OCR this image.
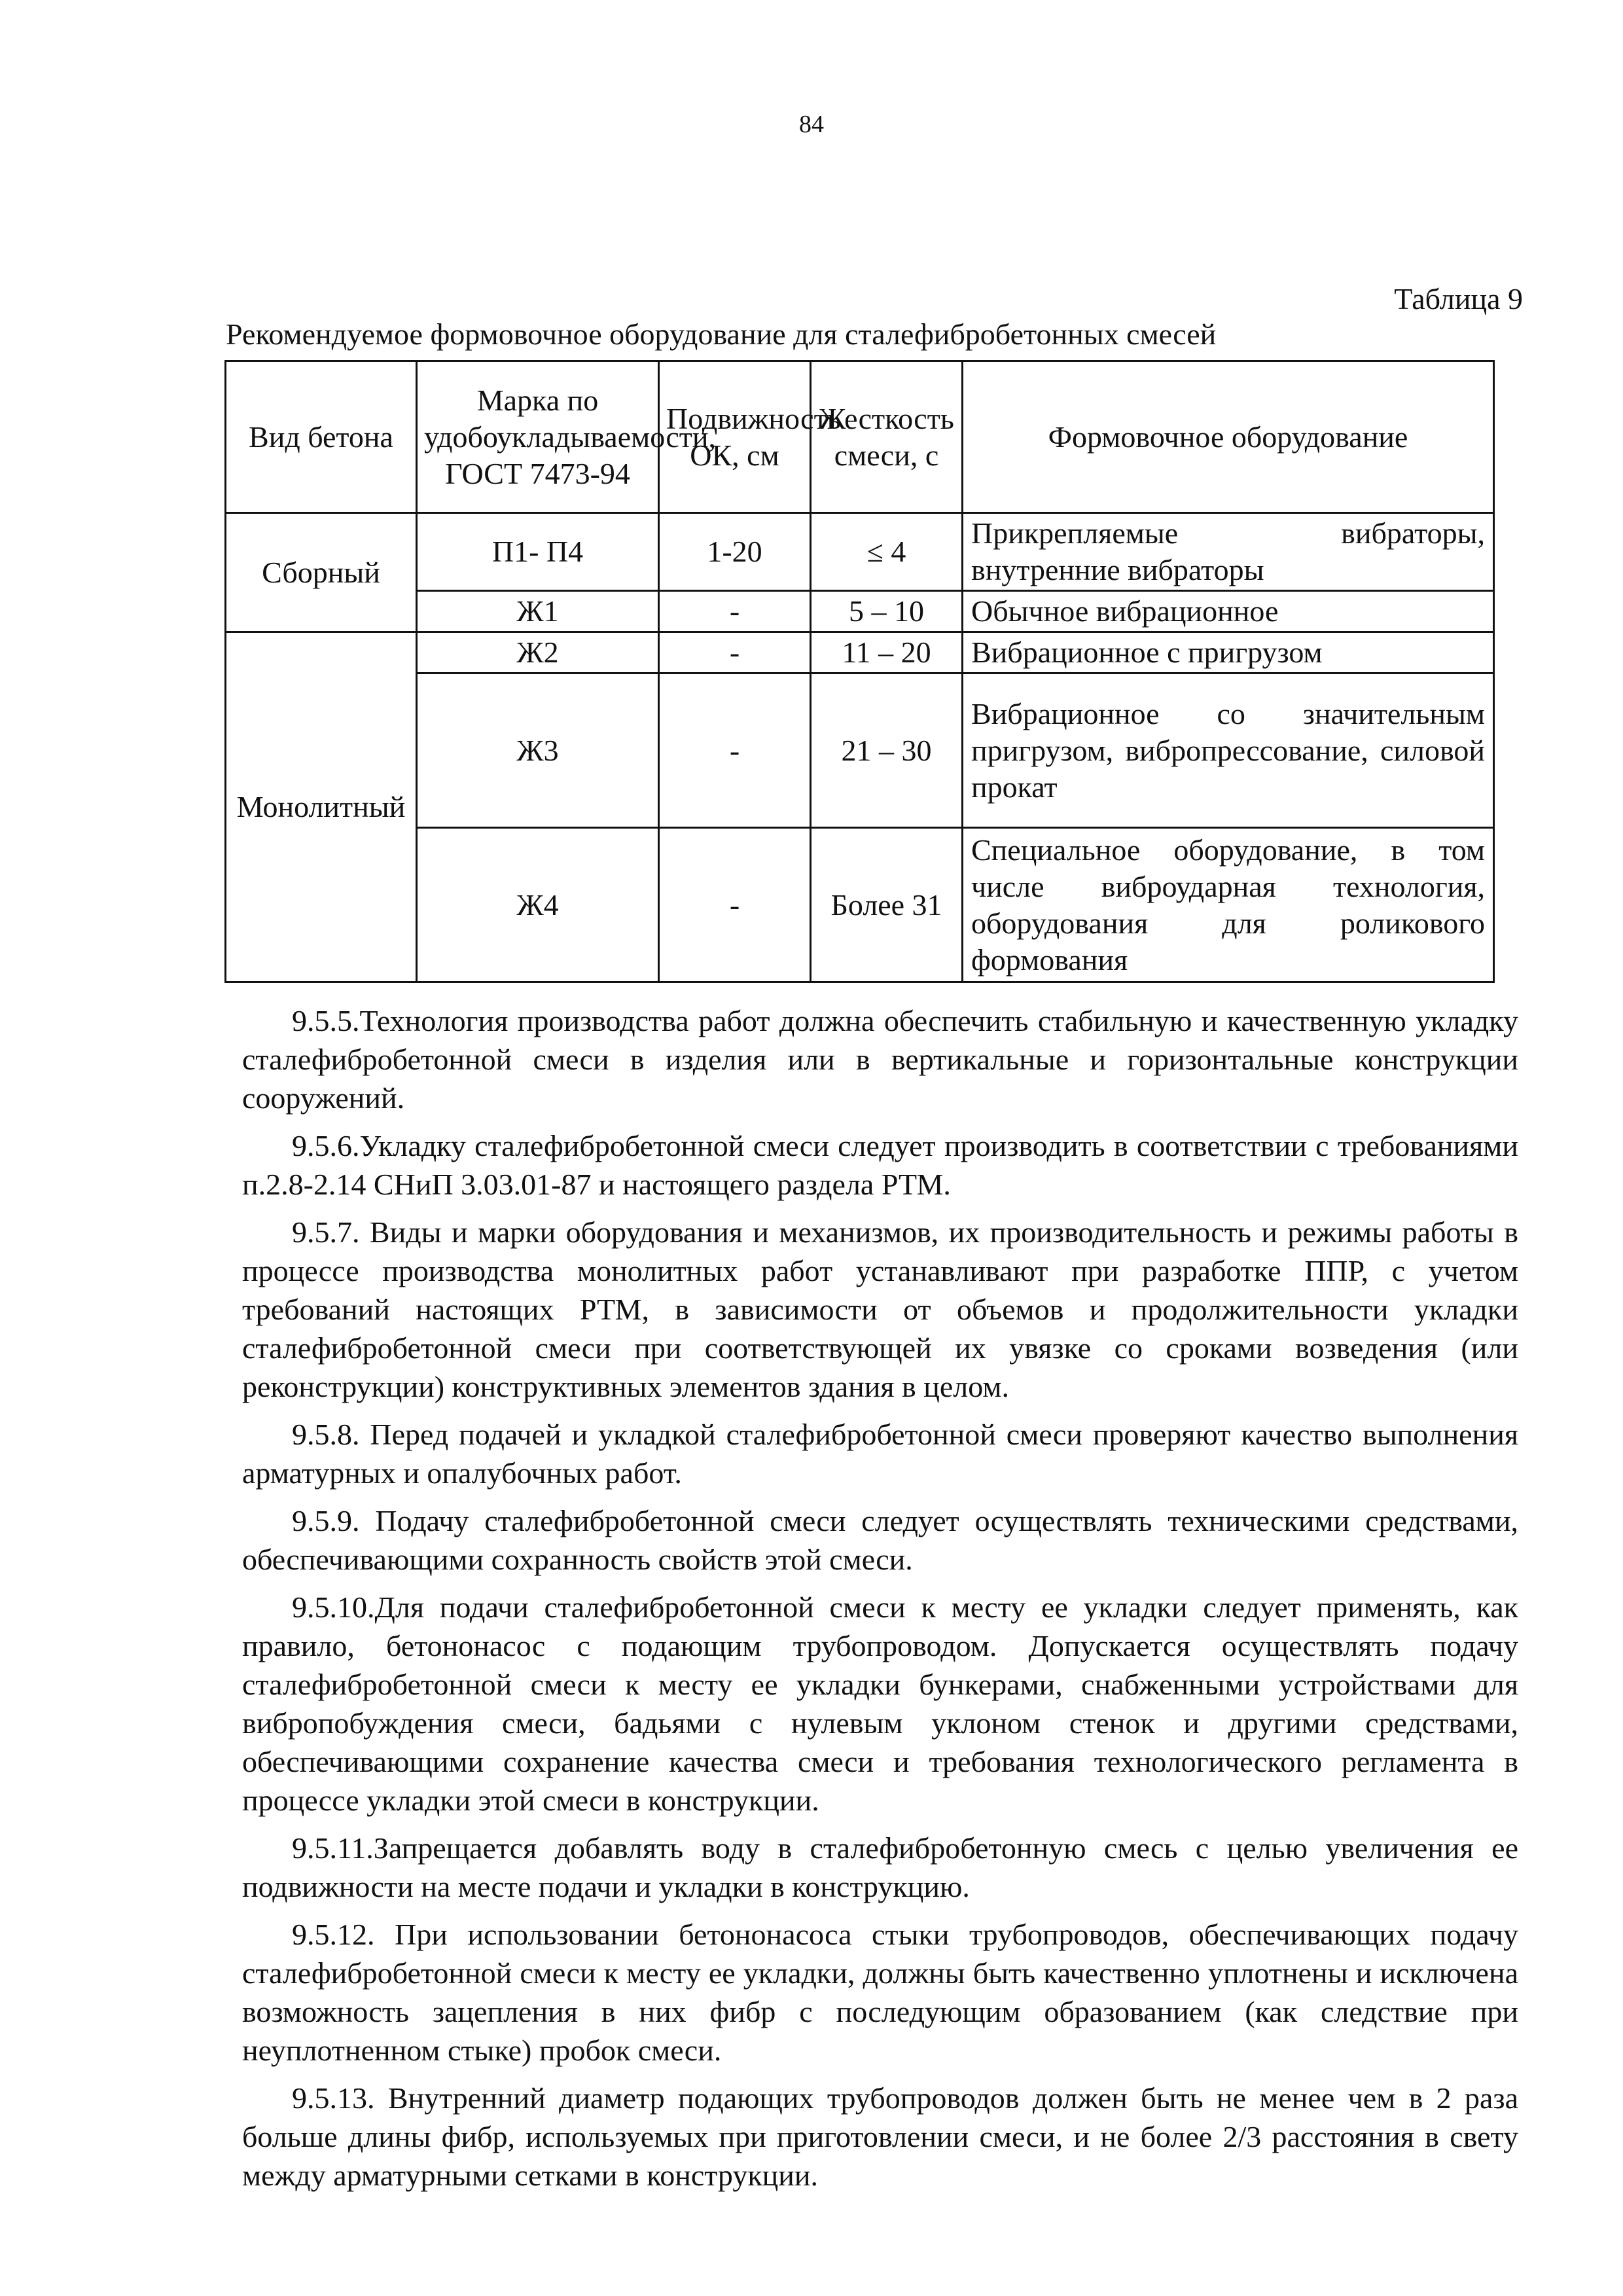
84
Таблица 9
Рекомендуемое формовочное оборудование для сталефибробетонных смесей
Вид бетона	Марка по удобоукладываемости, ГОСТ 7473-94	Подвижность ОК, см	Жесткость смеси, с	Формовочное оборудование
Сборный	П1- П4	1-20	≤ 4	Прикрепляемые вибраторы, внутренние вибраторы
	Ж1	-	5 – 10	Обычное вибрационное
Монолитный	Ж2	-	11 – 20	Вибрационное с пригрузом
	Ж3	-	21 – 30	Вибрационное со значительным пригрузом, вибропрессование, силовой прокат
	Ж4	-	Более 31	Специальное оборудование, в том числе виброударная технология, оборудования для роликового формования

9.5.5.Технология производства работ должна обеспечить стабильную и качественную укладку сталефибробетонной смеси в изделия или в вертикальные и горизонтальные конструкции сооружений.

9.5.6.Укладку сталефибробетонной смеси следует производить в соответствии с требованиями п.2.8-2.14 СНиП 3.03.01-87 и настоящего раздела РТМ.

9.5.7. Виды и марки оборудования и механизмов, их производительность и режимы работы в процессе производства монолитных работ устанавливают при разработке ППР, с учетом требований настоящих РТМ, в зависимости от объемов и продолжительности укладки сталефибробетонной смеси при соответствующей их увязке со сроками возведения (или реконструкции) конструктивных элементов здания в целом.

9.5.8. Перед подачей и укладкой сталефибробетонной смеси проверяют качество выполнения арматурных и опалубочных работ.

9.5.9. Подачу сталефибробетонной смеси следует осуществлять техническими средствами, обеспечивающими сохранность свойств этой смеси.

9.5.10.Для подачи сталефибробетонной смеси к месту ее укладки следует применять, как правило, бетононасос с подающим трубопроводом. Допускается осуществлять подачу сталефибробетонной смеси к месту ее укладки бункерами, снабженными устройствами для вибропобуждения смеси, бадьями с нулевым уклоном стенок и другими средствами, обеспечивающими сохранение качества смеси и требования технологического регламента в процессе укладки этой смеси в конструкции.

9.5.11.Запрещается добавлять воду в сталефибробетонную смесь с целью увеличения ее подвижности на месте подачи и укладки в конструкцию.

9.5.12. При использовании бетононасоса стыки трубопроводов, обеспечивающих подачу сталефибробетонной смеси к месту ее укладки, должны быть качественно уплотнены и исключена возможность зацепления в них фибр с последующим образованием (как следствие при неуплотненном стыке) пробок смеси.

9.5.13. Внутренний диаметр подающих трубопроводов должен быть не менее чем в 2 раза больше длины фибр, используемых при приготовлении смеси, и не более 2/3 расстояния в свету между арматурными сетками в конструкции.
